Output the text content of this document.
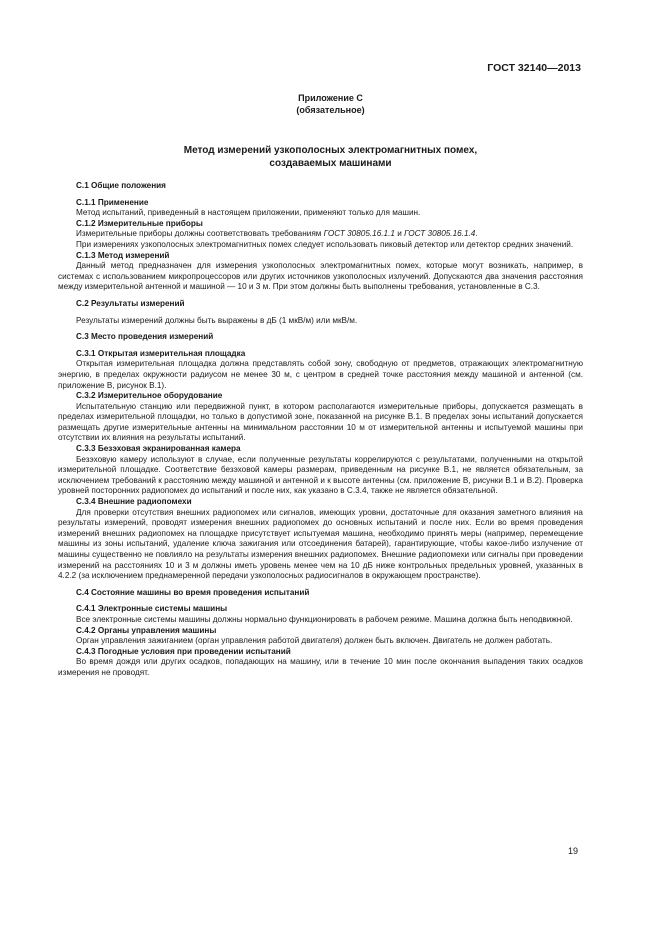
ГОСТ 32140—2013
Приложение С
(обязательное)
Метод измерений узкополосных электромагнитных помех,
создаваемых машинами
С.1 Общие положения
С.1.1 Применение

Метод испытаний, приведенный в настоящем приложении, применяют только для машин.

С.1.2 Измерительные приборы

Измерительные приборы должны соответствовать требованиям ГОСТ 30805.16.1.1 и ГОСТ 30805.16.1.4.

При измерениях узкополосных электромагнитных помех следует использовать пиковый детектор или детектор средних значений.

С.1.3 Метод измерений

Данный метод предназначен для измерения узкополосных электромагнитных помех, которые могут возникать, например, в системах с использованием микропроцессоров или других источников узкополосных излучений. Допускаются два значения расстояния между измерительной антенной и машиной — 10 и 3 м. При этом должны быть выполнены требования, установленные в С.3.

С.2 Результаты измерений

Результаты измерений должны быть выражены в дБ (1 мкВ/м) или мкВ/м.

С.3 Место проведения измерений
С.3.1 Открытая измерительная площадка

Открытая измерительная площадка должна представлять собой зону, свободную от предметов, отражающих электромагнитную энергию, в пределах окружности радиусом не менее 30 м, с центром в средней точке расстояния между машиной и антенной (см. приложение В, рисунок В.1).

С.3.2 Измерительное оборудование

Испытательную станцию или передвижной пункт, в котором располагаются измерительные приборы, допускается размещать в пределах измерительной площадки, но только в допустимой зоне, показанной на рисунке В.1. В пределах зоны испытаний допускается размещать другие измерительные антенны на минимальном расстоянии 10 м от измерительной антенны и испытуемой машины при отсутствии их влияния на результаты испытаний.

С.3.3 Безэховая экранированная камера

Безэховую камеру используют в случае, если полученные результаты коррелируются с результатами, полученными на открытой измерительной площадке. Соответствие безэховой камеры размерам, приведенным на рисунке В.1, не является обязательным, за исключением требований к расстоянию между машиной и антенной и к высоте антенны (см. приложение В, рисунки В.1 и В.2). Проверка уровней посторонних радиопомех до испытаний и после них, как указано в С.3.4, также не является обязательной.

С.3.4 Внешние радиопомехи

Для проверки отсутствия внешних радиопомех или сигналов, имеющих уровни, достаточные для оказания заметного влияния на результаты измерений, проводят измерения внешних радиопомех до основных испытаний и после них. Если во время проведения измерений внешних радиопомех на площадке присутствует испытуемая машина, необходимо принять меры (например, перемещение машины из зоны испытаний, удаление ключа зажигания или отсоединения батарей), гарантирующие, чтобы какое-либо излучение от машины существенно не повлияло на результаты измерения внешних радиопомех. Внешние радиопомехи или сигналы при проведении измерений на расстояниях 10 и 3 м должны иметь уровень менее чем на 10 дБ ниже контрольных предельных уровней, указанных в 4.2.2 (за исключением преднамеренной передачи узкополосных радиосигналов в окружающем пространстве).

С.4 Состояние машины во время проведения испытаний
С.4.1 Электронные системы машины

Все электронные системы машины должны нормально функционировать в рабочем режиме. Машина должна быть неподвижной.

С.4.2 Органы управления машины

Орган управления зажиганием (орган управления работой двигателя) должен быть включен. Двигатель не должен работать.

С.4.3 Погодные условия при проведении испытаний

Во время дождя или других осадков, попадающих на машину, или в течение 10 мин после окончания выпадения таких осадков измерения не проводят.

19
